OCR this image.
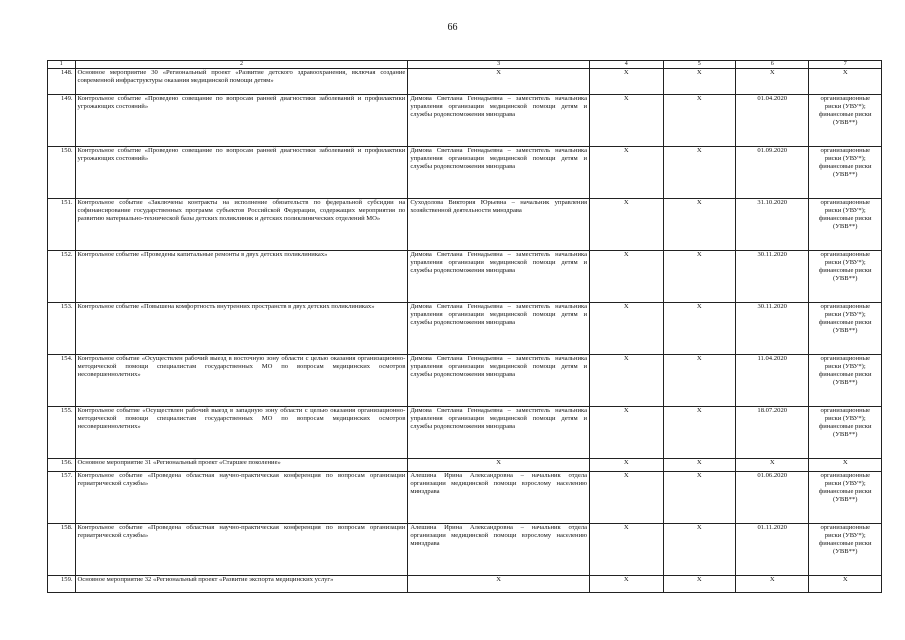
66
1	2	3	4	5	6	7
148.	Основное мероприятие 30 «Региональный проект «Развитие детского здравоохранения, включая создание современной инфраструктуры оказания медицинской помощи детям»	X	X	X	X	X
149.	Контрольное событие «Проведено совещание по вопросам ранней диагностики заболеваний и профилактики угрожающих состояний»	Димова Светлана Геннадьевна – заместитель начальника управления организации медицинской помощи детям и службы родовспоможения минздрава	X	X	01.04.2020	организационные риски (УВУ*); финансовые риски (УВВ**)
150.	Контрольное событие «Проведено совещание по вопросам ранней диагностики заболеваний и профилактики угрожающих состояний»	Димова Светлана Геннадьевна – заместитель начальника управления организации медицинской помощи детям и службы родовспоможения минздрава	X	X	01.09.2020	организационные риски (УВУ*); финансовые риски (УВВ**)
151.	Контрольное событие «Заключены контракты на исполнение обязательств по федеральной субсидии на софинансирование государственных программ субъектов Российской Федерации, содержащих мероприятия по развитию материально-технической базы детских поликлиник и детских поликлинических отделений МО»	Суходолова Виктория Юрьевна – начальник управления хозяйственной деятельности минздрава	X	X	31.10.2020	организационные риски (УВУ*); финансовые риски (УВВ**)
152.	Контрольное событие «Проведены капитальные ремонты в двух детских поликлиниках»	Димова Светлана Геннадьевна – заместитель начальника управления организации медицинской помощи детям и службы родовспоможения минздрава	X	X	30.11.2020	организационные риски (УВУ*); финансовые риски (УВВ**)
153.	Контрольное событие «Повышена комфортность внутренних пространств в двух детских поликлиниках»	Димова Светлана Геннадьевна – заместитель начальника управления организации медицинской помощи детям и службы родовспоможения минздрава	X	X	30.11.2020	организационные риски (УВУ*); финансовые риски (УВВ**)
154.	Контрольное событие «Осуществлен рабочий выезд в восточную зону области с целью оказания организационно-методической помощи специалистам государственных МО по вопросам медицинских осмотров несовершеннолетних»	Димова Светлана Геннадьевна – заместитель начальника управления организации медицинской помощи детям и службы родовспоможения минздрава	X	X	11.04.2020	организационные риски (УВУ*); финансовые риски (УВВ**)
155.	Контрольное событие «Осуществлен рабочий выезд в западную зону области с целью оказания организационно-методической помощи специалистам государственных МО по вопросам медицинских осмотров несовершеннолетних»	Димова Светлана Геннадьевна – заместитель начальника управления организации медицинской помощи детям и службы родовспоможения минздрава	X	X	18.07.2020	организационные риски (УВУ*); финансовые риски (УВВ**)
156.	Основное мероприятие 31 «Региональный проект «Старшее поколение»	X	X	X	X	X
157.	Контрольное событие «Проведена областная научно-практическая конференция по вопросам организации гериатрической службы»	Алешина Ирина Александровна – начальник отдела организации медицинской помощи взрослому населению минздрава	X	X	01.06.2020	организационные риски (УВУ*); финансовые риски (УВВ**)
158.	Контрольное событие «Проведена областная научно-практическая конференция по вопросам организации гериатрической службы»	Алешина Ирина Александровна – начальник отдела организации медицинской помощи взрослому населению минздрава	X	X	01.11.2020	организационные риски (УВУ*); финансовые риски (УВВ**)
159.	Основное мероприятие 32 «Региональный проект «Развитие экспорта медицинских услуг»	X	X	X	X	X
